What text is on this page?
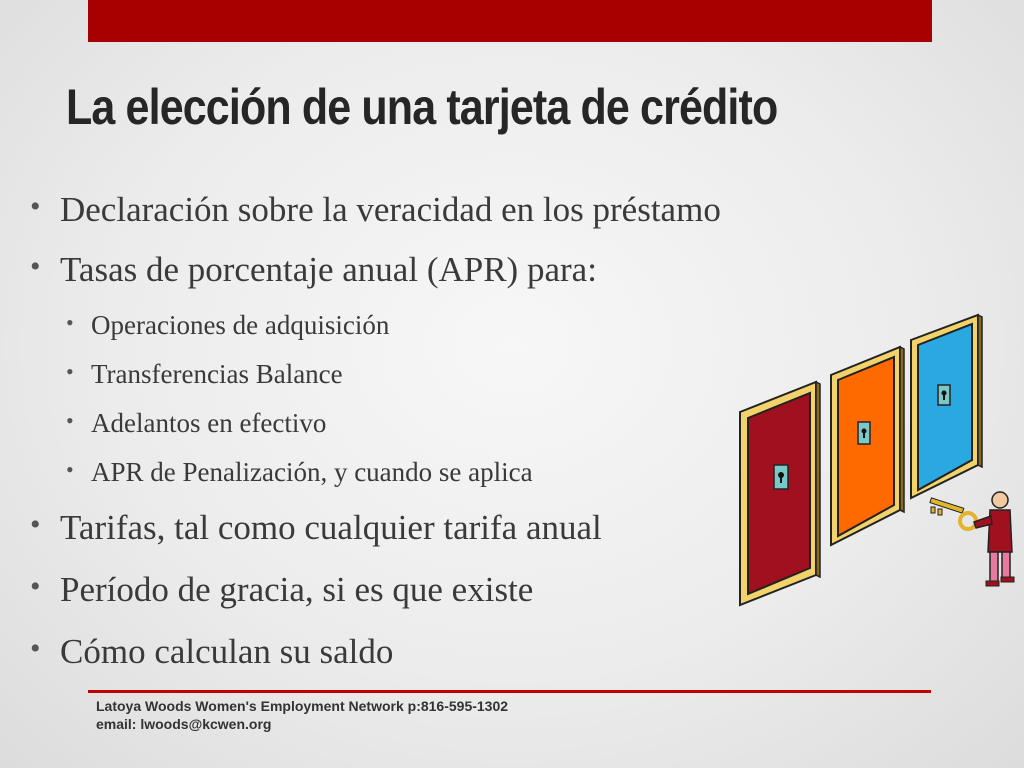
La elección de una tarjeta de crédito
• Declaración sobre la veracidad en los préstamo
• Tasas de porcentaje anual (APR) para:
• Operaciones de adquisición
• Transferencias Balance
• Adelantos en efectivo
• APR de Penalización, y cuando se aplica
• Tarifas, tal como cualquier tarifa anual
• Período de gracia, si es que existe
• Cómo calculan su saldo
Latoya Woods Women's Employment Network p:816-595-1302
email: lwoods@kcwen.org
